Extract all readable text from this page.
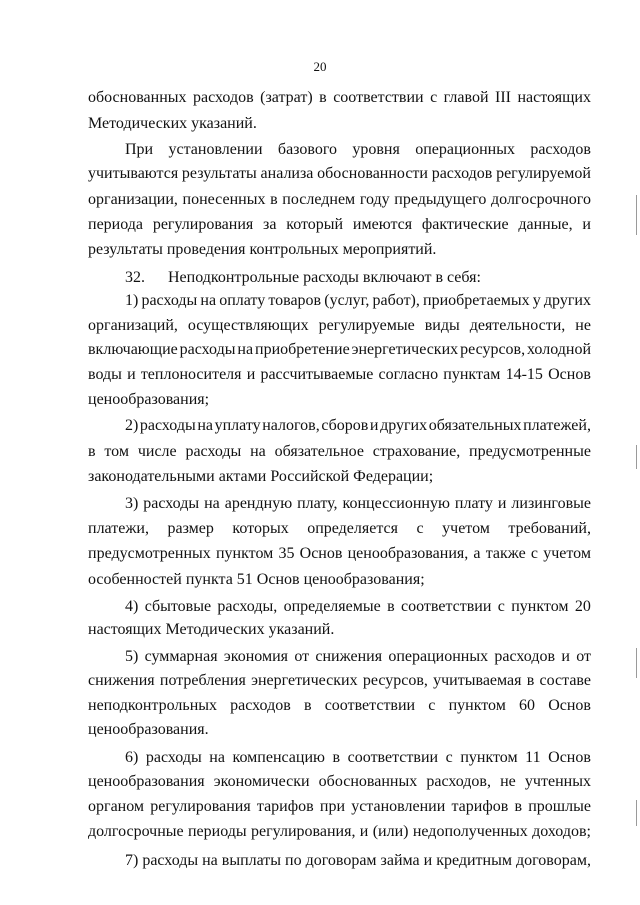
20
обоснованных расходов (затрат) в соответствии с главой III настоящих
Методических указаний.
При установлении базового уровня операционных расходов
учитываются результаты анализа обоснованности расходов регулируемой
организации, понесенных в последнем году предыдущего долгосрочного
периода регулирования за который имеются фактические данные, и
результаты проведения контрольных мероприятий.
32. Неподконтрольные расходы включают в себя:
1) расходы на оплату товаров (услуг, работ), приобретаемых у других
организаций, осуществляющих регулируемые виды деятельности, не
включающие расходы на приобретение энергетических ресурсов, холодной
воды и теплоносителя и рассчитываемые согласно пунктам 14-15 Основ
ценообразования;
2) расходы на уплату налогов, сборов и других обязательных платежей,
в том числе расходы на обязательное страхование, предусмотренные
законодательными актами Российской Федерации;
3) расходы на арендную плату, концессионную плату и лизинговые
платежи, размер которых определяется с учетом требований,
предусмотренных пунктом 35 Основ ценообразования, а также с учетом
особенностей пункта 51 Основ ценообразования;
4) сбытовые расходы, определяемые в соответствии с пунктом 20
настоящих Методических указаний.
5) суммарная экономия от снижения операционных расходов и от
снижения потребления энергетических ресурсов, учитываемая в составе
неподконтрольных расходов в соответствии с пунктом 60 Основ
ценообразования.
6) расходы на компенсацию в соответствии с пунктом 11 Основ
ценообразования экономически обоснованных расходов, не учтенных
органом регулирования тарифов при установлении тарифов в прошлые
долгосрочные периоды регулирования, и (или) недополученных доходов;
7) расходы на выплаты по договорам займа и кредитным договорам,
